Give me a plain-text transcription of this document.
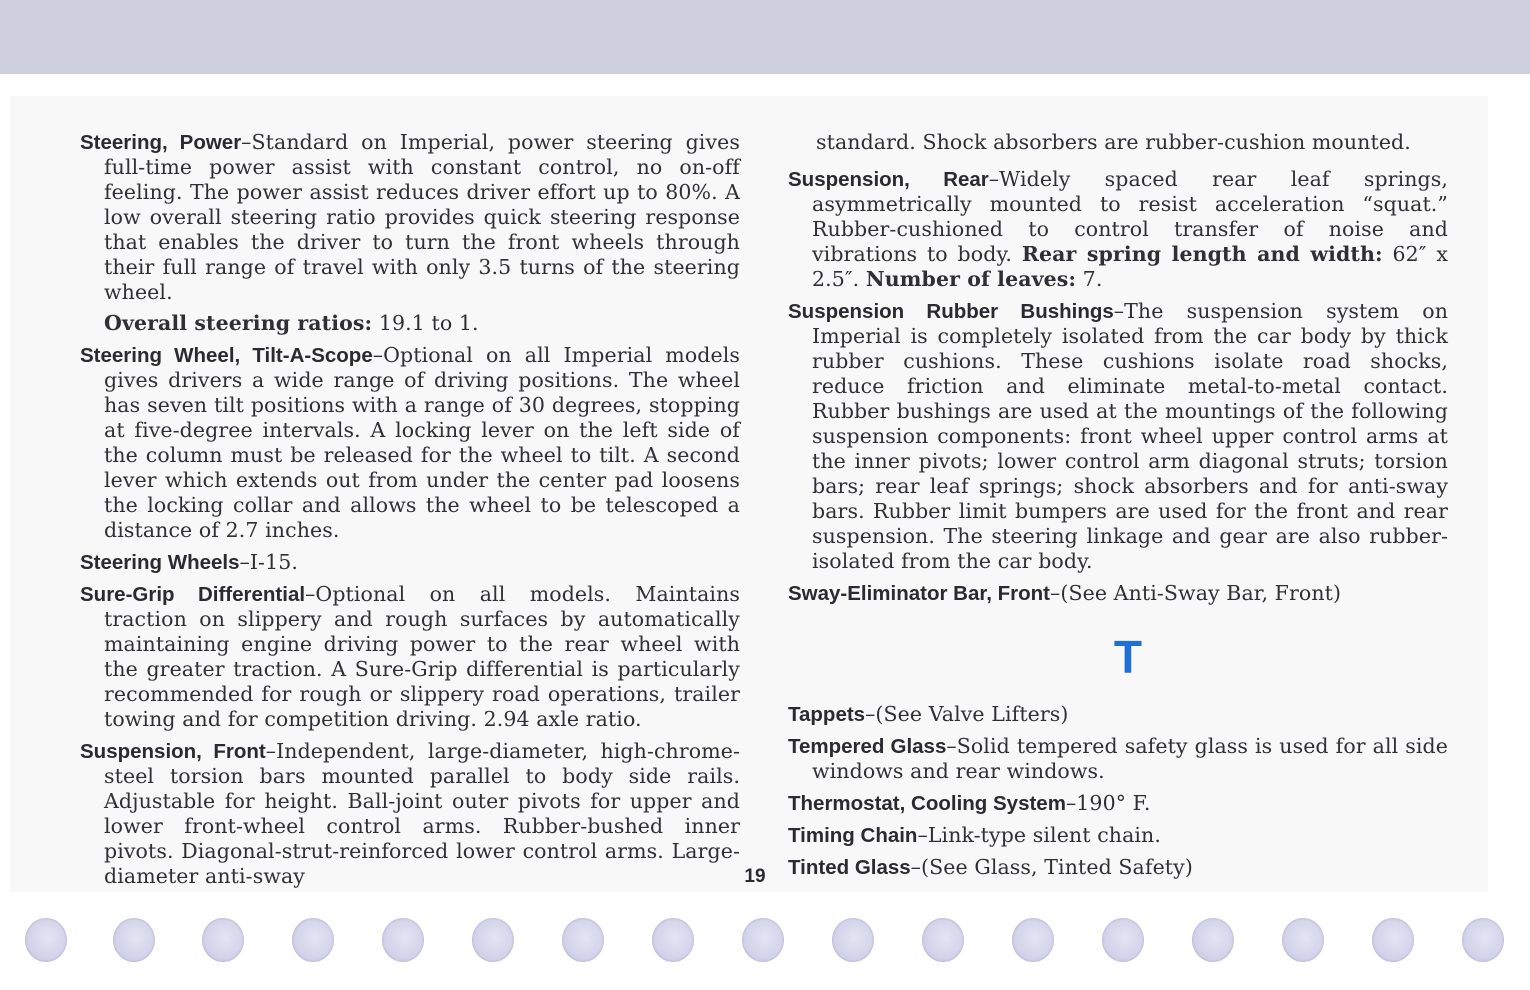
Steering, Power–Standard on Imperial, power steering gives full-time power assist with constant control, no on-off feeling. The power assist reduces driver effort up to 80%. A low overall steering ratio provides quick steering response that enables the driver to turn the front wheels through their full range of travel with only 3.5 turns of the steering wheel.

Overall steering ratios: 19.1 to 1.

Steering Wheel, Tilt-A-Scope–Optional on all Imperial models gives drivers a wide range of driving positions. The wheel has seven tilt positions with a range of 30 degrees, stopping at five-degree intervals. A locking lever on the left side of the column must be released for the wheel to tilt. A second lever which extends out from under the center pad loosens the locking collar and allows the wheel to be telescoped a distance of 2.7 inches.

Steering Wheels–I-15.

Sure-Grip Differential–Optional on all models. Maintains traction on slippery and rough surfaces by automatically maintaining engine driving power to the rear wheel with the greater traction. A Sure-Grip differential is particularly recommended for rough or slippery road operations, trailer towing and for competition driving. 2.94 axle ratio.

Suspension, Front–Independent, large-diameter, high-chrome-steel torsion bars mounted parallel to body side rails. Adjustable for height. Ball-joint outer pivots for upper and lower front-wheel control arms. Rubber-bushed inner pivots. Diagonal-strut-reinforced lower control arms. Large-diameter anti-sway

standard. Shock absorbers are rubber-cushion mounted.

Suspension, Rear–Widely spaced rear leaf springs, asymmetrically mounted to resist acceleration “squat.” Rubber-cushioned to control transfer of noise and vibrations to body. Rear spring length and width: 62″ x 2.5″. Number of leaves: 7.

Suspension Rubber Bushings–The suspension system on Imperial is completely isolated from the car body by thick rubber cushions. These cushions isolate road shocks, reduce friction and eliminate metal-to-metal contact. Rubber bushings are used at the mountings of the following suspension components: front wheel upper control arms at the inner pivots; lower control arm diagonal struts; torsion bars; rear leaf springs; shock absorbers and for anti-sway bars. Rubber limit bumpers are used for the front and rear suspension. The steering linkage and gear are also rubber-isolated from the car body.

Sway-Eliminator Bar, Front–(See Anti-Sway Bar, Front)

T

Tappets–(See Valve Lifters)

Tempered Glass–Solid tempered safety glass is used for all side windows and rear windows.

Thermostat, Cooling System–190° F.

Timing Chain–Link-type silent chain.

Tinted Glass–(See Glass, Tinted Safety)

19
